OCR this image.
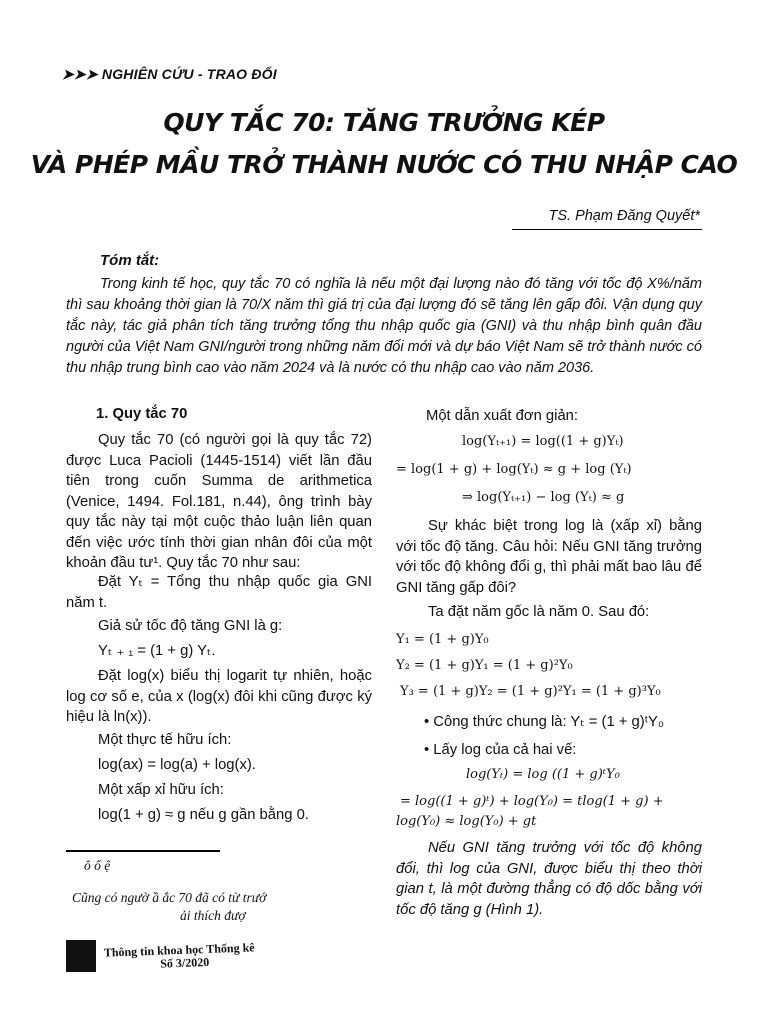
➤➤➤ NGHIÊN CỨU ‑ TRAO ĐỔI
QUY TẮC 70: TĂNG TRƯỞNG KÉP
VÀ PHÉP MẦU TRỞ THÀNH NƯỚC CÓ THU NHẬP CAO
TS. Phạm Đăng Quyết*
Tóm tắt:
Trong kinh tế học, quy tắc 70 có nghĩa là nếu một đại lượng nào đó tăng với tốc độ X%/năm thì sau khoảng thời gian là 70/X năm thì giá trị của đại lượng đó sẽ tăng lên gấp đôi. Vận dụng quy tắc này, tác giả phân tích tăng trưởng tổng thu nhập quốc gia (GNI) và thu nhập bình quân đầu người của Việt Nam GNI/người trong những năm đổi mới và dự báo Việt Nam sẽ trở thành nước có thu nhập trung bình cao vào năm 2024 và là nước có thu nhập cao vào năm 2036.
1. Quy tắc 70
Quy tắc 70 (có người gọi là quy tắc 72) được Luca Pacioli (1445-1514) viết lần đầu tiên trong cuốn Summa de arithmetica (Venice, 1494. Fol.181, n.44), ông trình bày quy tắc này tại một cuộc thảo luận liên quan đến việc ước tính thời gian nhân đôi của một khoản đầu tư¹. Quy tắc 70 như sau:
Đặt Yₜ = Tổng thu nhập quốc gia GNI năm t.
Giả sử tốc độ tăng GNI là g:
Yₜ ₊ ₁ = (1 + g) Yₜ.
Đặt log(x) biểu thị logarit tự nhiên, hoặc log cơ số e, của x (log(x) đôi khi cũng được ký hiệu là ln(x)).
Một thực tế hữu ích:
log(ax) = log(a) + log(x).
Một xấp xỉ hữu ích:
log(1 + g) ≈ g nếu g gần bằng 0.
ô ố ệ
Cũng có ngườ ầ ắc 70 đã có từ trướ
ải thích đượ
Một dẫn xuất đơn giản:
log(Yₜ₊₁) = log((1 + g)Yₜ)
= log(1 + g) + log(Yₜ) ≈ g + log (Yₜ)
⇒ log(Yₜ₊₁) − log (Yₜ) ≈ g
Sự khác biệt trong log là (xấp xỉ) bằng với tốc độ tăng. Câu hỏi: Nếu GNI tăng trưởng với tốc độ không đổi g, thì phải mất bao lâu để GNI tăng gấp đôi?
Ta đặt năm gốc là năm 0. Sau đó:
Y₁ = (1 + g)Y₀
Y₂ = (1 + g)Y₁ = (1 + g)²Y₀
Y₃ = (1 + g)Y₂ = (1 + g)²Y₁ = (1 + g)³Y₀
• Công thức chung là: Yₜ = (1 + g)ᵗY₀
• Lấy log của cả hai vế:
log(Yₜ) = log ((1 + g)ᵗY₀
= log((1 + g)ᵗ) + log(Y₀) = tlog(1 + g) +
log(Y₀) ≈ log(Y₀) + gt
Nếu GNI tăng trưởng với tốc độ không đổi, thì log của GNI, được biểu thị theo thời gian t, là một đường thẳng có độ dốc bằng với tốc độ tăng g (Hình 1).
Thông tin khoa học Thống kê
Số 3/2020
